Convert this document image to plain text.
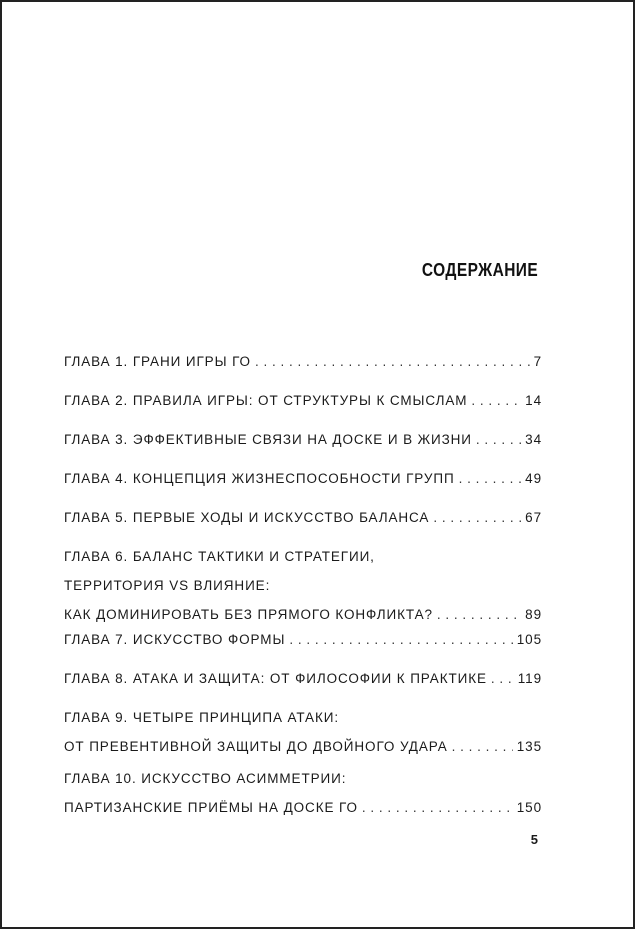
СОДЕРЖАНИЕ
ГЛАВА 1. ГРАНИ ИГРЫ ГО . . .	7
ГЛАВА 2. ПРАВИЛА ИГРЫ: ОТ СТРУКТУРЫ К СМЫСЛАМ . . .	14
ГЛАВА 3. ЭФФЕКТИВНЫЕ СВЯЗИ НА ДОСКЕ И В ЖИЗНИ . . .	34
ГЛАВА 4. КОНЦЕПЦИЯ ЖИЗНЕСПОСОБНОСТИ ГРУПП . . .	49
ГЛАВА 5. ПЕРВЫЕ ХОДЫ И ИСКУССТВО БАЛАНСА . . .	67
ГЛАВА 6. БАЛАНС ТАКТИКИ И СТРАТЕГИИ,
ТЕРРИТОРИЯ VS ВЛИЯНИЕ:
КАК ДОМИНИРОВАТЬ БЕЗ ПРЯМОГО КОНФЛИКТА? . . .	89
ГЛАВА 7. ИСКУССТВО ФОРМЫ . . .	105
ГЛАВА 8. АТАКА И ЗАЩИТА: ОТ ФИЛОСОФИИ К ПРАКТИКЕ . . . 119
ГЛАВА 9. ЧЕТЫРЕ ПРИНЦИПА АТАКИ:
ОТ ПРЕВЕНТИВНОЙ ЗАЩИТЫ ДО ДВОЙНОГО УДАРА . . .	135
ГЛАВА 10. ИСКУССТВО АСИММЕТРИИ:
ПАРТИЗАНСКИЕ ПРИЁМЫ НА ДОСКЕ ГО . . .	150
5
